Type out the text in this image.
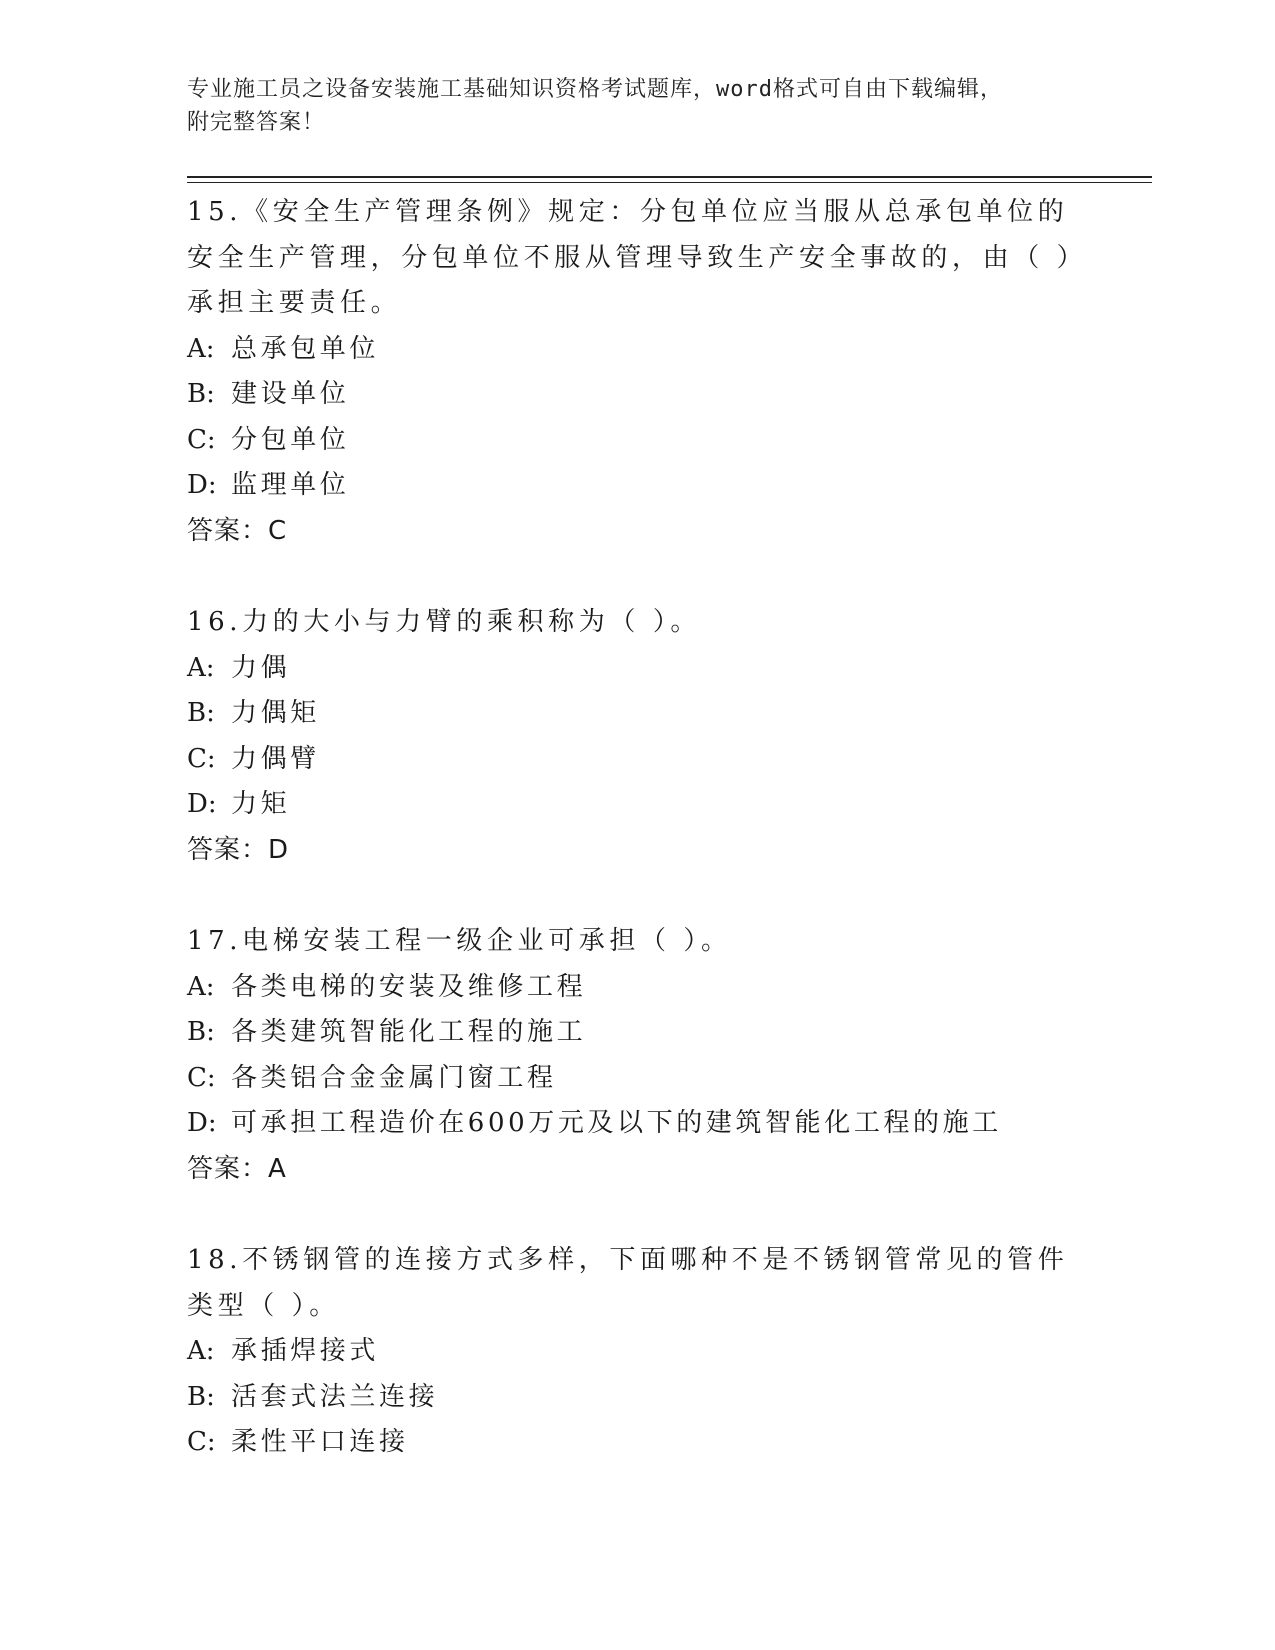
专业施工员之设备安装施工基础知识资格考试题库，word格式可自由下载编辑，
附完整答案！
15.《安全生产管理条例》规定：分包单位应当服从总承包单位的安全生产管理，分包单位不服从管理导致生产安全事故的，由（ ）承担主要责任。
A: 总承包单位
B: 建设单位
C: 分包单位
D: 监理单位
答案：C
16.力的大小与力臂的乘积称为（ ）。
A: 力偶
B: 力偶矩
C: 力偶臂
D: 力矩
答案：D
17.电梯安装工程一级企业可承担（ ）。
A: 各类电梯的安装及维修工程
B: 各类建筑智能化工程的施工
C: 各类铝合金金属门窗工程
D: 可承担工程造价在600万元及以下的建筑智能化工程的施工
答案：A
18.不锈钢管的连接方式多样，下面哪种不是不锈钢管常见的管件类型（ ）。
A: 承插焊接式
B: 活套式法兰连接
C: 柔性平口连接
